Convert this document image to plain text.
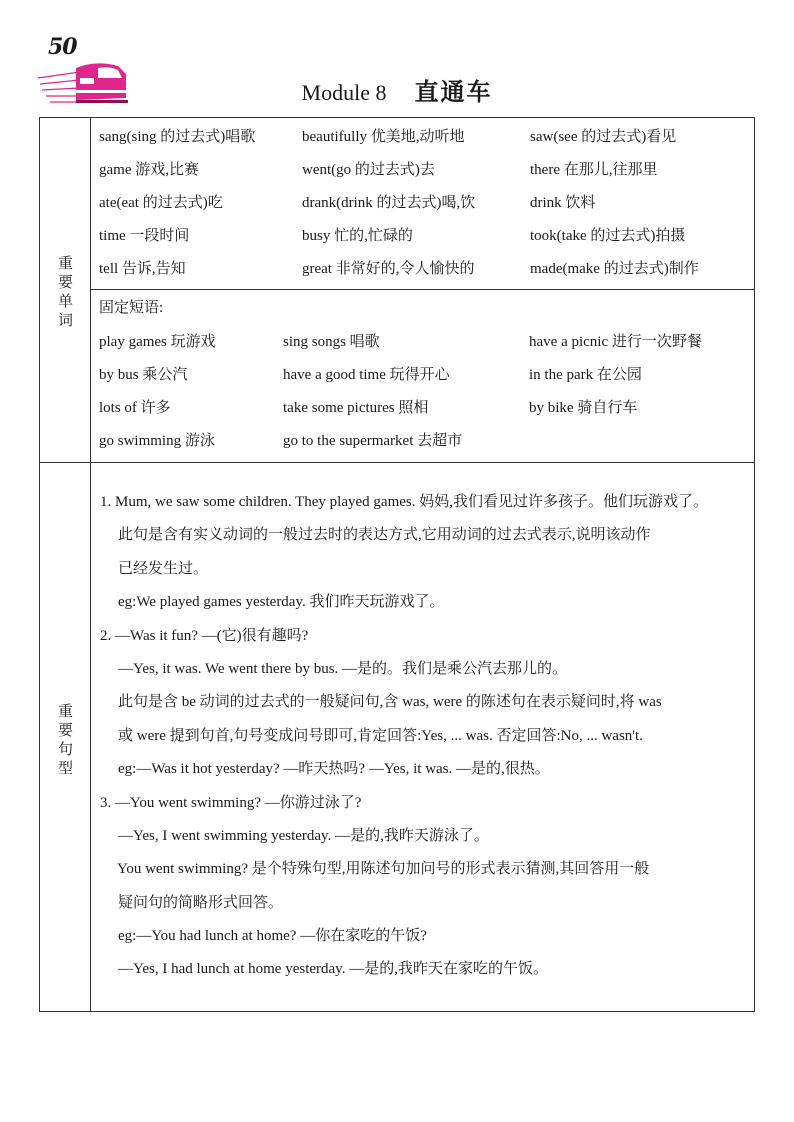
50
Module 8 直通车
重
要
单
词
重
要
句
型
sang(sing 的过去式)唱歌	beautifully 优美地,动听地	saw(see 的过去式)看见
game 游戏,比赛	went(go 的过去式)去	there 在那儿,往那里
ate(eat 的过去式)吃	drank(drink 的过去式)喝,饮	drink 饮料
time 一段时间	busy 忙的,忙碌的	took(take 的过去式)拍摄
tell 告诉,告知	great 非常好的,令人愉快的	made(make 的过去式)制作
固定短语:
play games 玩游戏	sing songs 唱歌	have a picnic 进行一次野餐
by bus 乘公汽	have a good time 玩得开心	in the park 在公园
lots of 许多	take some pictures 照相	by bike 骑自行车
go swimming 游泳	go to the supermarket 去超市
1. Mum, we saw some children. They played games. 妈妈,我们看见过许多孩子。他们玩游戏了。
此句是含有实义动词的一般过去时的表达方式,它用动词的过去式表示,说明该动作
已经发生过。
eg:We played games yesterday. 我们昨天玩游戏了。
2. —Was it fun? —(它)很有趣吗?
—Yes, it was. We went there by bus. —是的。我们是乘公汽去那儿的。
此句是含 be 动词的过去式的一般疑问句,含 was, were 的陈述句在表示疑问时,将 was
或 were 提到句首,句号变成问号即可,肯定回答:Yes, ... was. 否定回答:No, ... wasn't.
eg:—Was it hot yesterday? —昨天热吗? —Yes, it was. —是的,很热。
3. —You went swimming? —你游过泳了?
—Yes, I went swimming yesterday. —是的,我昨天游泳了。
You went swimming? 是个特殊句型,用陈述句加问号的形式表示猜测,其回答用一般
疑问句的简略形式回答。
eg:—You had lunch at home? —你在家吃的午饭?
—Yes, I had lunch at home yesterday. —是的,我昨天在家吃的午饭。
